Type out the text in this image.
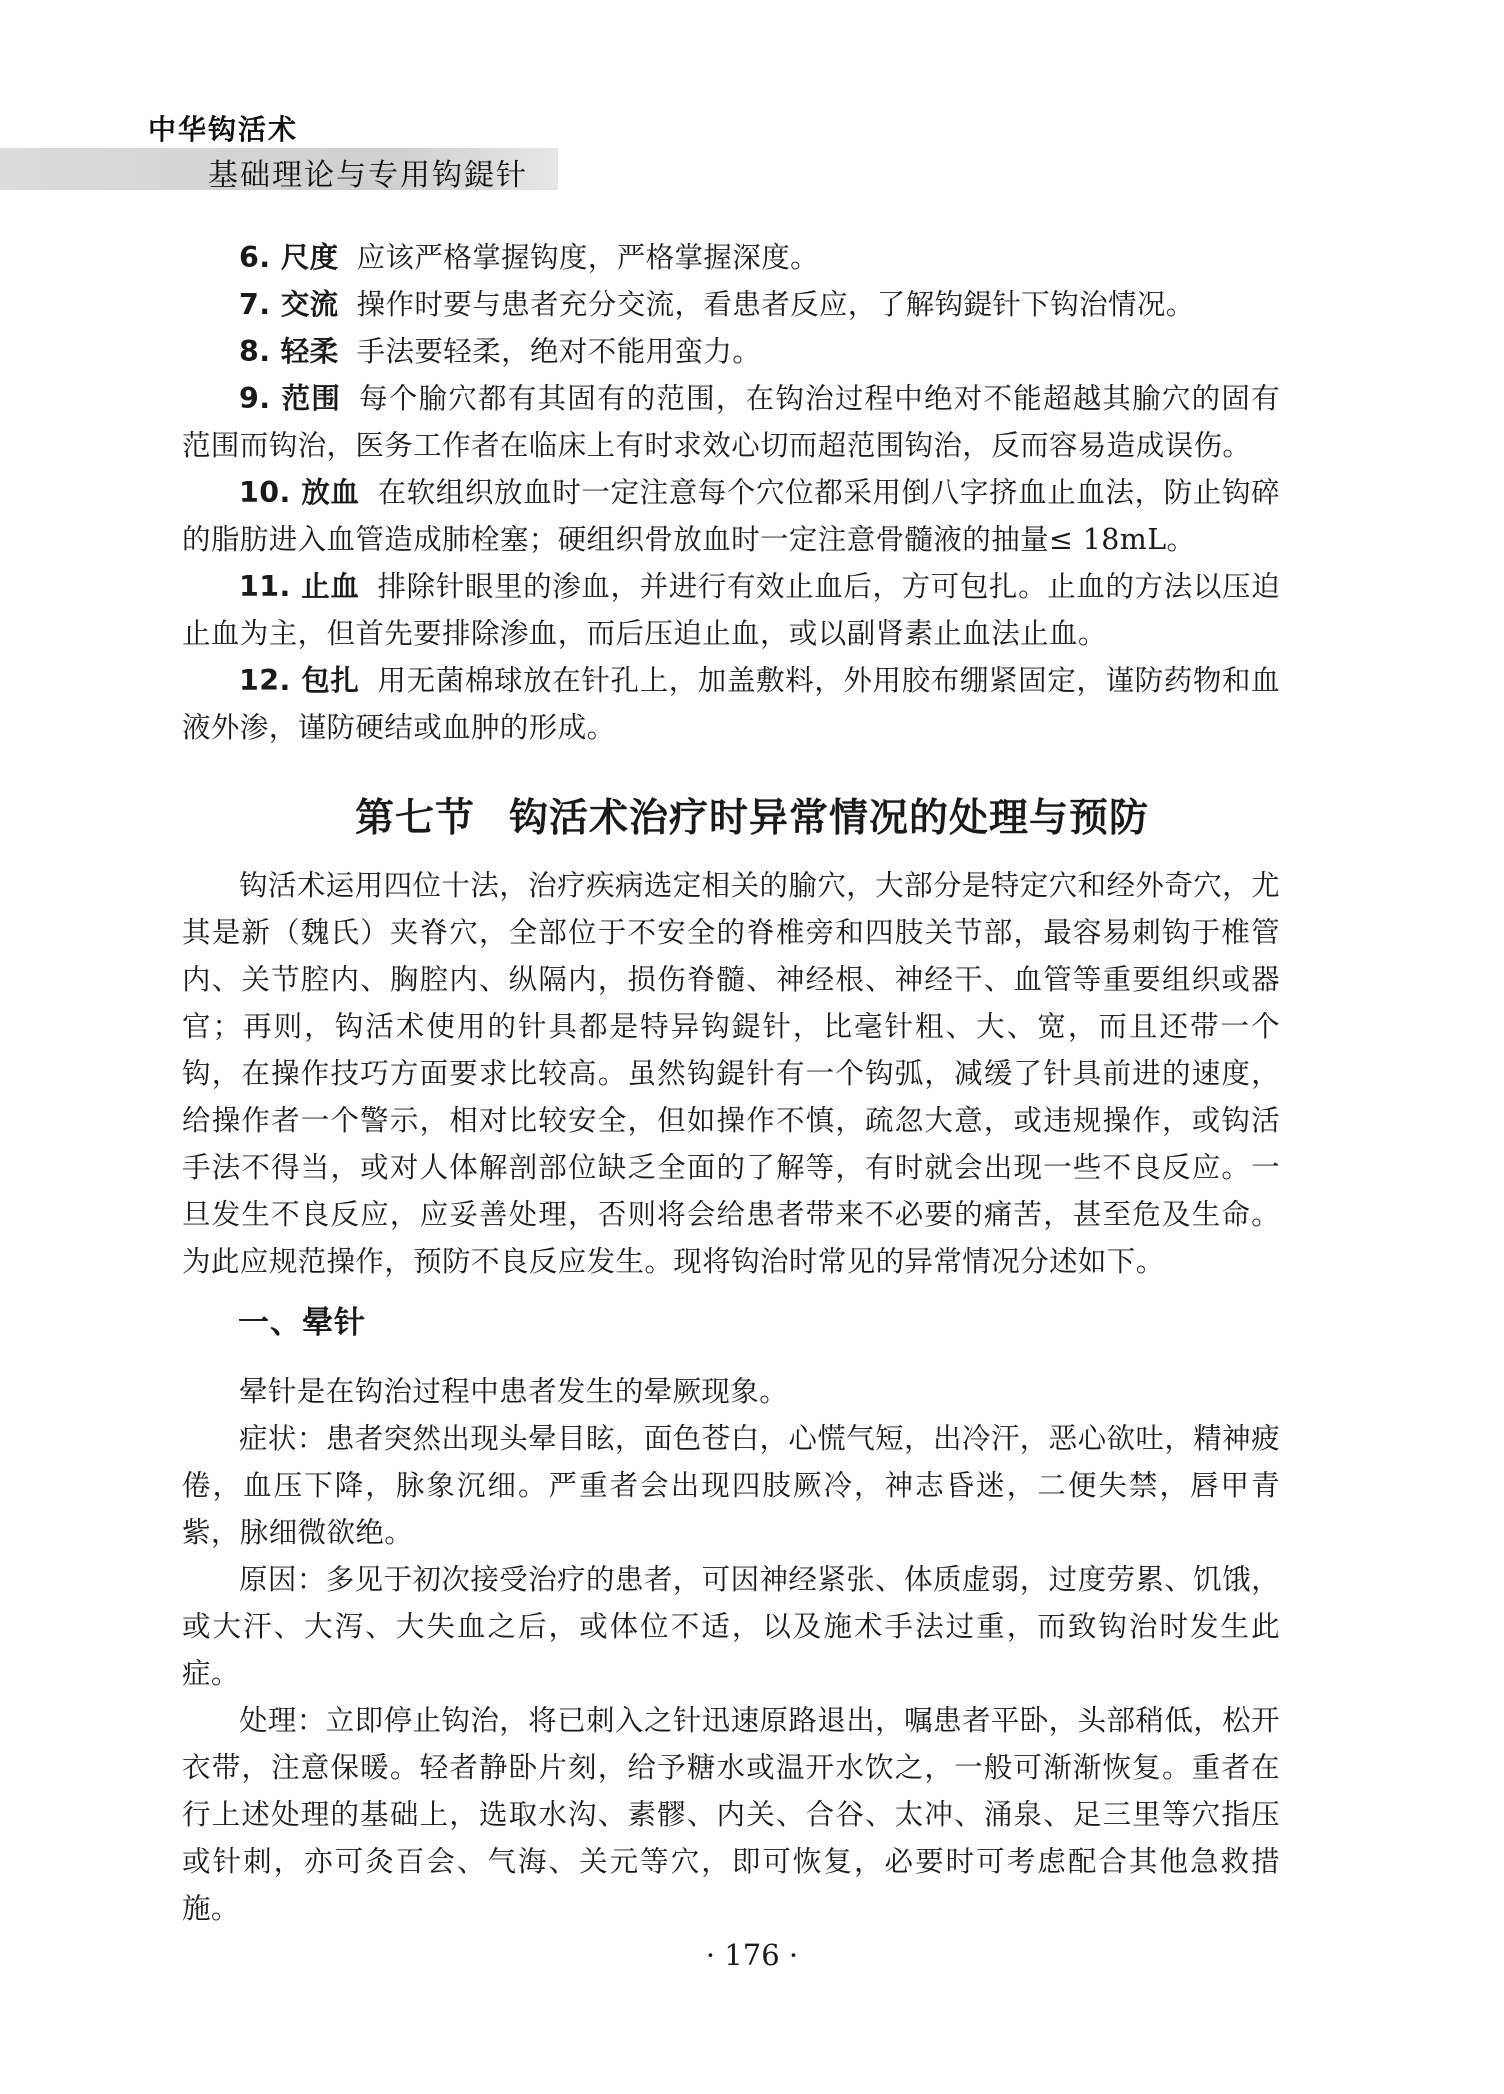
中华钩活术
基础理论与专用钩鍉针

6. 尺度 应该严格掌握钩度，严格掌握深度。

7. 交流 操作时要与患者充分交流，看患者反应，了解钩鍉针下钩治情况。

8. 轻柔 手法要轻柔，绝对不能用蛮力。

9. 范围 每个腧穴都有其固有的范围，在钩治过程中绝对不能超越其腧穴的固有范围而钩治，医务工作者在临床上有时求效心切而超范围钩治，反而容易造成误伤。

10. 放血 在软组织放血时一定注意每个穴位都采用倒八字挤血止血法，防止钩碎的脂肪进入血管造成肺栓塞；硬组织骨放血时一定注意骨髓液的抽量≤ 18mL。

11. 止血 排除针眼里的渗血，并进行有效止血后，方可包扎。止血的方法以压迫止血为主，但首先要排除渗血，而后压迫止血，或以副肾素止血法止血。

12. 包扎 用无菌棉球放在针孔上，加盖敷料，外用胶布绷紧固定，谨防药物和血液外渗，谨防硬结或血肿的形成。

第七节 钩活术治疗时异常情况的处理与预防

钩活术运用四位十法，治疗疾病选定相关的腧穴，大部分是特定穴和经外奇穴，尤其是新（魏氏）夹脊穴，全部位于不安全的脊椎旁和四肢关节部，最容易刺钩于椎管内、关节腔内、胸腔内、纵隔内，损伤脊髓、神经根、神经干、血管等重要组织或器官；再则，钩活术使用的针具都是特异钩鍉针，比毫针粗、大、宽，而且还带一个钩，在操作技巧方面要求比较高。虽然钩鍉针有一个钩弧，减缓了针具前进的速度，给操作者一个警示，相对比较安全，但如操作不慎，疏忽大意，或违规操作，或钩活手法不得当，或对人体解剖部位缺乏全面的了解等，有时就会出现一些不良反应。一旦发生不良反应，应妥善处理，否则将会给患者带来不必要的痛苦，甚至危及生命。为此应规范操作，预防不良反应发生。现将钩治时常见的异常情况分述如下。

一、晕针

晕针是在钩治过程中患者发生的晕厥现象。

症状：患者突然出现头晕目眩，面色苍白，心慌气短，出冷汗，恶心欲吐，精神疲倦，血压下降，脉象沉细。严重者会出现四肢厥冷，神志昏迷，二便失禁，唇甲青紫，脉细微欲绝。

原因：多见于初次接受治疗的患者，可因神经紧张、体质虚弱，过度劳累、饥饿，或大汗、大泻、大失血之后，或体位不适，以及施术手法过重，而致钩治时发生此症。

处理：立即停止钩治，将已刺入之针迅速原路退出，嘱患者平卧，头部稍低，松开衣带，注意保暖。轻者静卧片刻，给予糖水或温开水饮之，一般可渐渐恢复。重者在行上述处理的基础上，选取水沟、素髎、内关、合谷、太冲、涌泉、足三里等穴指压或针刺，亦可灸百会、气海、关元等穴，即可恢复，必要时可考虑配合其他急救措施。

· 176 ·
